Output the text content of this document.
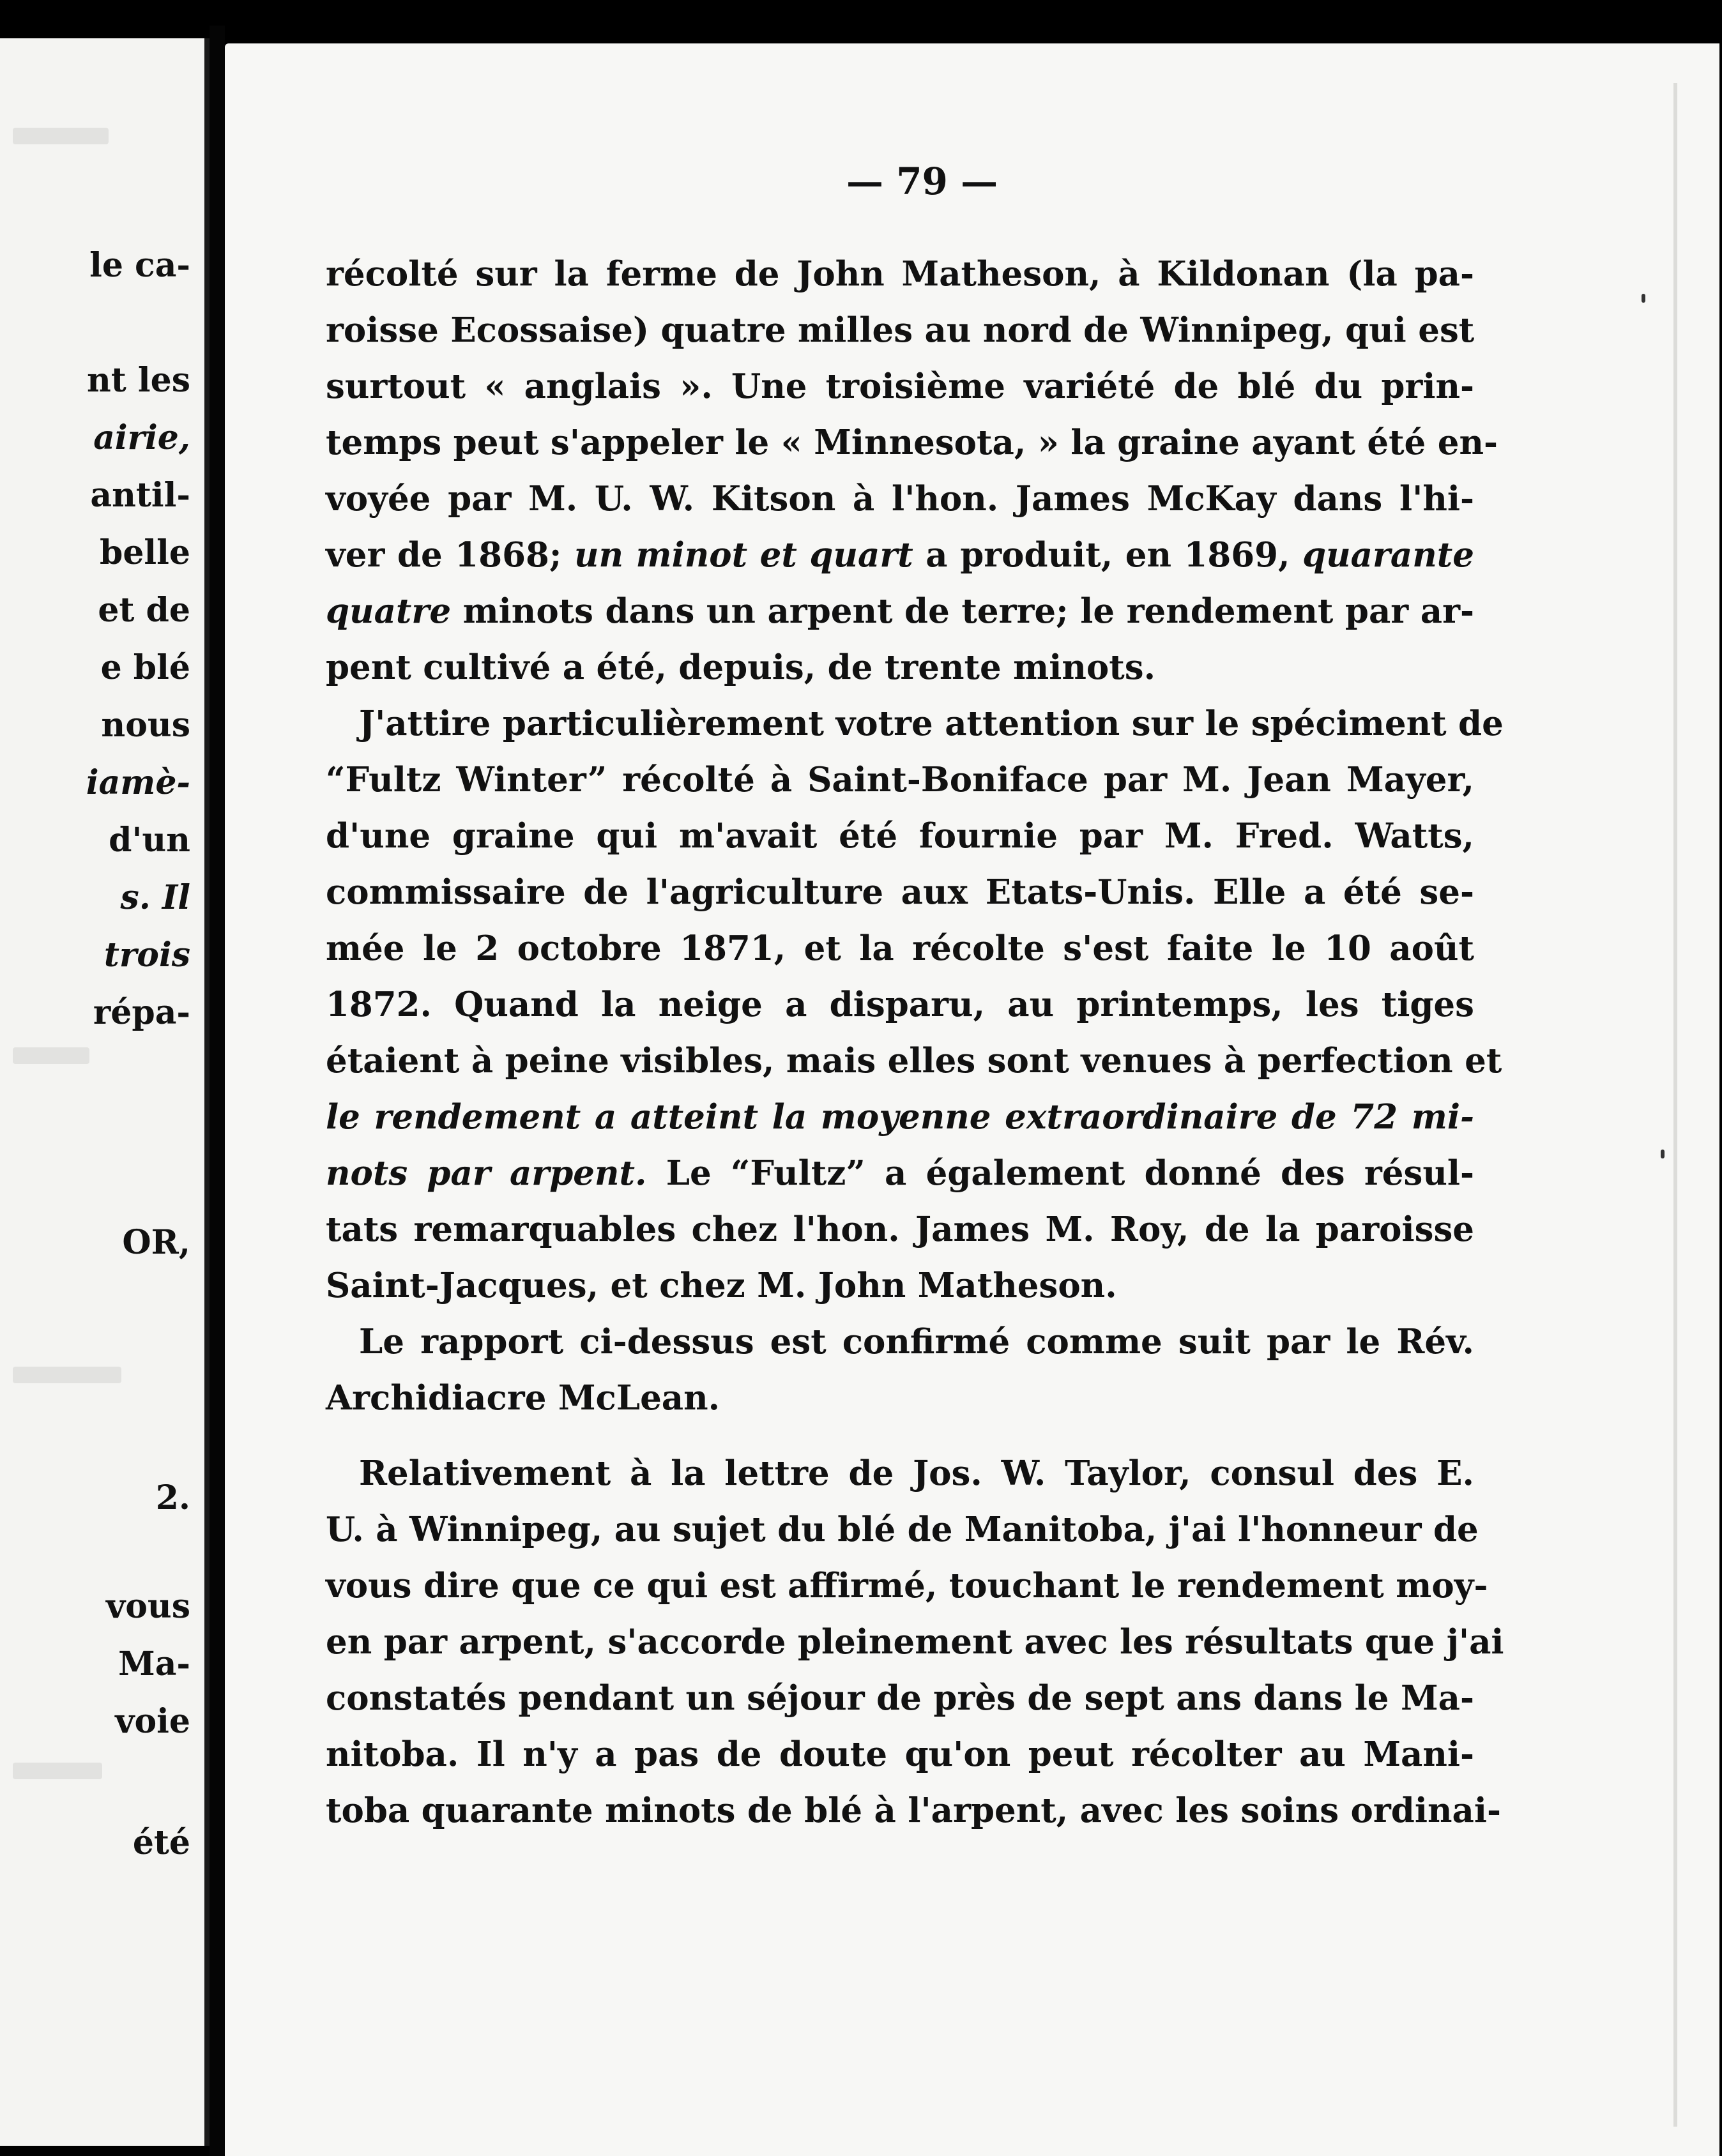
le ca-
nt les
airie,
antil-
belle
et de
e blé
nous
iamè-
d'un
s. Il
trois
répa-
OR,
2.
vous
Ma-
voie
été
— 79 —
récolté sur la ferme de John Matheson, à Kildonan (la pa-
roisse Ecossaise) quatre milles au nord de Winnipeg, qui est
surtout « anglais ». Une troisième variété de blé du prin-
temps peut s'appeler le « Minnesota, » la graine ayant été en-
voyée par M. U. W. Kitson à l'hon. James McKay dans l'hi-
ver de 1868; un minot et quart a produit, en 1869, quarante
quatre minots dans un arpent de terre; le rendement par ar-
pent cultivé a été, depuis, de trente minots.
J'attire particulièrement votre attention sur le spéciment de
“Fultz Winter” récolté à Saint-Boniface par M. Jean Mayer,
d'une graine qui m'avait été fournie par M. Fred. Watts,
commissaire de l'agriculture aux Etats-Unis. Elle a été se-
mée le 2 octobre 1871, et la récolte s'est faite le 10 août
1872. Quand la neige a disparu, au printemps, les tiges
étaient à peine visibles, mais elles sont venues à perfection et
le rendement a atteint la moyenne extraordinaire de 72 mi-
nots par arpent. Le “Fultz” a également donné des résul-
tats remarquables chez l'hon. James M. Roy, de la paroisse
Saint-Jacques, et chez M. John Matheson.
Le rapport ci-dessus est confirmé comme suit par le Rév.
Archidiacre McLean.
Relativement à la lettre de Jos. W. Taylor, consul des E.
U. à Winnipeg, au sujet du blé de Manitoba, j'ai l'honneur de
vous dire que ce qui est affirmé, touchant le rendement moy-
en par arpent, s'accorde pleinement avec les résultats que j'ai
constatés pendant un séjour de près de sept ans dans le Ma-
nitoba. Il n'y a pas de doute qu'on peut récolter au Mani-
toba quarante minots de blé à l'arpent, avec les soins ordinai-
